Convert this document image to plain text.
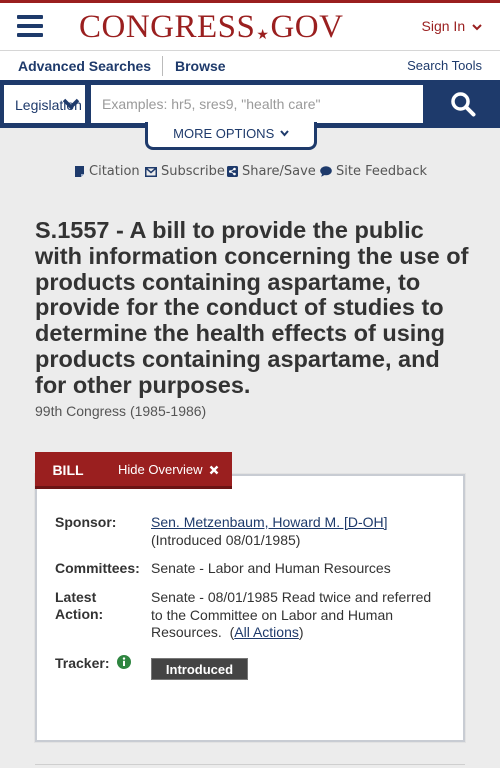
CONGRESS★GOV	Sign In
Advanced Searches Browse	Search Tools
Legislation
Examples: hr5, sres9, "health care"
MORE OPTIONS
Citation Subscribe Share/Save Site Feedback
S.1557 - A bill to provide the public with information concerning the use of products containing aspartame, to provide for the conduct of studies to determine the health effects of using products containing aspartame, and for other purposes.
99th Congress (1985-1986)
Sponsor: Sen. Metzenbaum, Howard M. [D-OH]
(Introduced 08/01/1985)
Committees: Senate - Labor and Human Resources
Latest
Action:
Senate - 08/01/1985 Read twice and referred to the Committee on Labor and Human Resources. (All Actions)
Tracker:	Introduced
BILL	Hide Overview
